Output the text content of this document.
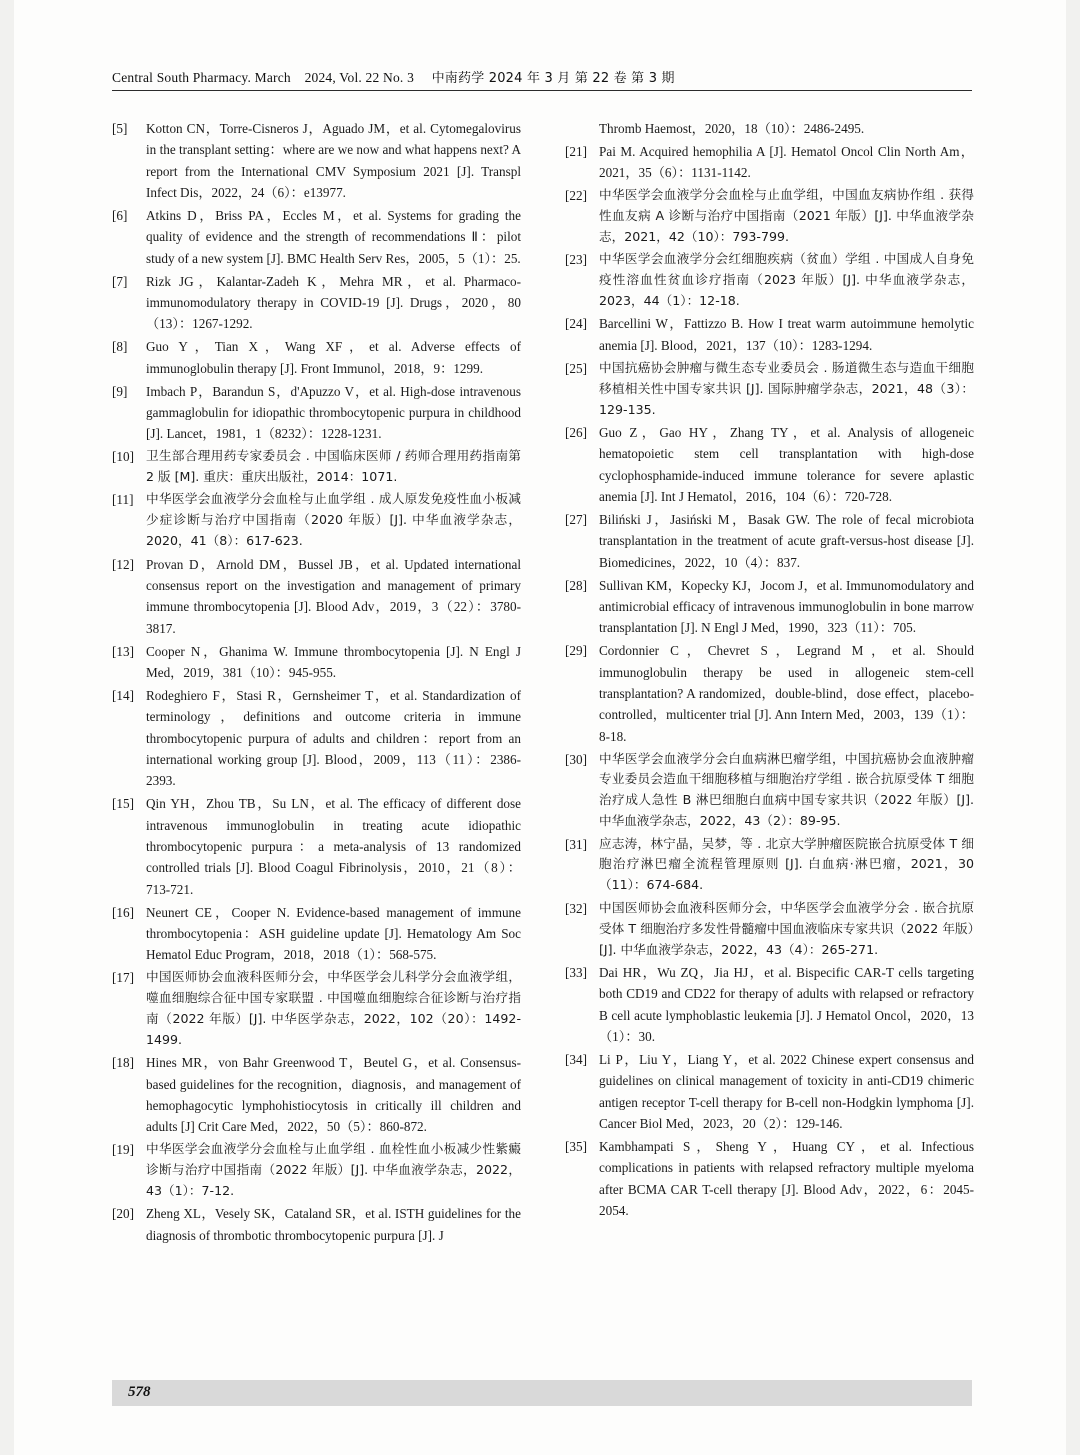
Central South Pharmacy. March　2024, Vol. 22 No. 3 中南药学 2024 年 3 月 第 22 卷 第 3 期
[5]	Kotton CN，Torre-Cisneros J，Aguado JM，et al. Cytomegalovirus in the transplant setting：where are we now and what happens next? A report from the International CMV Symposium 2021 [J]. Transpl Infect Dis，2022，24（6）：e13977.
[6]	Atkins D，Briss PA，Eccles M，et al. Systems for grading the quality of evidence and the strength of recommendations Ⅱ：pilot study of a new system [J]. BMC Health Serv Res，2005，5（1）：25.
[7]	Rizk JG，Kalantar-Zadeh K，Mehra MR，et al. Pharmaco-immunomodulatory therapy in COVID-19 [J]. Drugs，2020，80（13）：1267-1292.
[8]	Guo Y，Tian X，Wang XF，et al. Adverse effects of immunoglobulin therapy [J]. Front Immunol，2018，9：1299.
[9]	Imbach P，Barandun S，d'Apuzzo V，et al. High-dose intravenous gammaglobulin for idiopathic thrombocytopenic purpura in childhood [J]. Lancet，1981，1（8232）：1228-1231.
[10] 卫生部合理用药专家委员会 . 中国临床医师 / 药师合理用药指南第 2 版 [M]. 重庆：重庆出版社，2014：1071.
[11] 中华医学会血液学分会血栓与止血学组 . 成人原发免疫性血小板减少症诊断与治疗中国指南（2020 年版）[J]. 中华血液学杂志，2020，41（8）：617-623.
[12] Provan D，Arnold DM，Bussel JB，et al. Updated international consensus report on the investigation and management of primary immune thrombocytopenia [J]. Blood Adv，2019，3（22）：3780-3817.
[13] Cooper N，Ghanima W. Immune thrombocytopenia [J]. N Engl J Med，2019，381（10）：945-955.
[14] Rodeghiero F，Stasi R，Gernsheimer T，et al. Standardization of terminology，definitions and outcome criteria in immune thrombocytopenic purpura of adults and children：report from an international working group [J]. Blood，2009，113（11）：2386-2393.
[15] Qin YH，Zhou TB，Su LN，et al. The efficacy of different dose intravenous immunoglobulin in treating acute idiopathic thrombocytopenic purpura：a meta-analysis of 13 randomized controlled trials [J]. Blood Coagul Fibrinolysis，2010，21（8）：713-721.
[16] Neunert CE，Cooper N. Evidence-based management of immune thrombocytopenia：ASH guideline update [J]. Hematology Am Soc Hematol Educ Program，2018，2018（1）：568-575.
[17] 中国医师协会血液科医师分会，中华医学会儿科学分会血液学组，噬血细胞综合征中国专家联盟 . 中国噬血细胞综合征诊断与治疗指南（2022 年版）[J]. 中华医学杂志，2022，102（20）：1492-1499.
[18] Hines MR，von Bahr Greenwood T，Beutel G，et al. Consensus-based guidelines for the recognition，diagnosis，and management of hemophagocytic lymphohistiocytosis in critically ill children and adults [J] Crit Care Med，2022，50（5）：860-872.
[19] 中华医学会血液学分会血栓与止血学组 . 血栓性血小板减少性紫癜诊断与治疗中国指南（2022 年版）[J]. 中华血液学杂志，2022，43（1）：7-12.
[20] Zheng XL，Vesely SK，Cataland SR，et al. ISTH guidelines for the diagnosis of thrombotic thrombocytopenic purpura [J]. J
Thromb Haemost，2020，18（10）：2486-2495.
[21] Pai M. Acquired hemophilia A [J]. Hematol Oncol Clin North Am，2021，35（6）：1131-1142.
[22] 中华医学会血液学分会血栓与止血学组，中国血友病协作组 . 获得性血友病 A 诊断与治疗中国指南（2021 年版）[J]. 中华血液学杂志，2021，42（10）：793-799.
[23] 中华医学会血液学分会红细胞疾病（贫血）学组 . 中国成人自身免疫性溶血性贫血诊疗指南（2023 年版）[J]. 中华血液学杂志，2023，44（1）：12-18.
[24] Barcellini W，Fattizzo B. How I treat warm autoimmune hemolytic anemia [J]. Blood，2021，137（10）：1283-1294.
[25] 中国抗癌协会肿瘤与微生态专业委员会 . 肠道微生态与造血干细胞移植相关性中国专家共识 [J]. 国际肿瘤学杂志，2021，48（3）：129-135.
[26] Guo Z，Gao HY，Zhang TY，et al. Analysis of allogeneic hematopoietic stem cell transplantation with high-dose cyclophosphamide-induced immune tolerance for severe aplastic anemia [J]. Int J Hematol，2016，104（6）：720-728.
[27] Biliński J，Jasiński M，Basak GW. The role of fecal microbiota transplantation in the treatment of acute graft-versus-host disease [J]. Biomedicines，2022，10（4）：837.
[28] Sullivan KM，Kopecky KJ，Jocom J，et al. Immunomodulatory and antimicrobial efficacy of intravenous immunoglobulin in bone marrow transplantation [J]. N Engl J Med，1990，323（11）：705.
[29] Cordonnier C，Chevret S，Legrand M，et al. Should immunoglobulin therapy be used in allogeneic stem-cell transplantation? A randomized，double-blind，dose effect，placebo-controlled，multicenter trial [J]. Ann Intern Med，2003，139（1）：8-18.
[30] 中华医学会血液学分会白血病淋巴瘤学组，中国抗癌协会血液肿瘤专业委员会造血干细胞移植与细胞治疗学组 . 嵌合抗原受体 T 细胞治疗成人急性 B 淋巴细胞白血病中国专家共识（2022 年版）[J]. 中华血液学杂志，2022，43（2）：89-95.
[31] 应志涛，林宁晶，吴梦，等 . 北京大学肿瘤医院嵌合抗原受体 T 细胞治疗淋巴瘤全流程管理原则 [J]. 白血病·淋巴瘤，2021，30（11）：674-684.
[32] 中国医师协会血液科医师分会，中华医学会血液学分会 . 嵌合抗原受体 T 细胞治疗多发性骨髓瘤中国血液临床专家共识（2022 年版）[J]. 中华血液学杂志，2022，43（4）：265-271.
[33] Dai HR，Wu ZQ，Jia HJ，et al. Bispecific CAR-T cells targeting both CD19 and CD22 for therapy of adults with relapsed or refractory B cell acute lymphoblastic leukemia [J]. J Hematol Oncol，2020，13（1）：30.
[34] Li P，Liu Y，Liang Y，et al. 2022 Chinese expert consensus and guidelines on clinical management of toxicity in anti-CD19 chimeric antigen receptor T-cell therapy for B-cell non-Hodgkin lymphoma [J]. Cancer Biol Med，2023，20（2）：129-146.
[35] Kambhampati S，Sheng Y，Huang CY，et al. Infectious complications in patients with relapsed refractory multiple myeloma after BCMA CAR T-cell therapy [J]. Blood Adv，2022，6：2045-2054.
578
